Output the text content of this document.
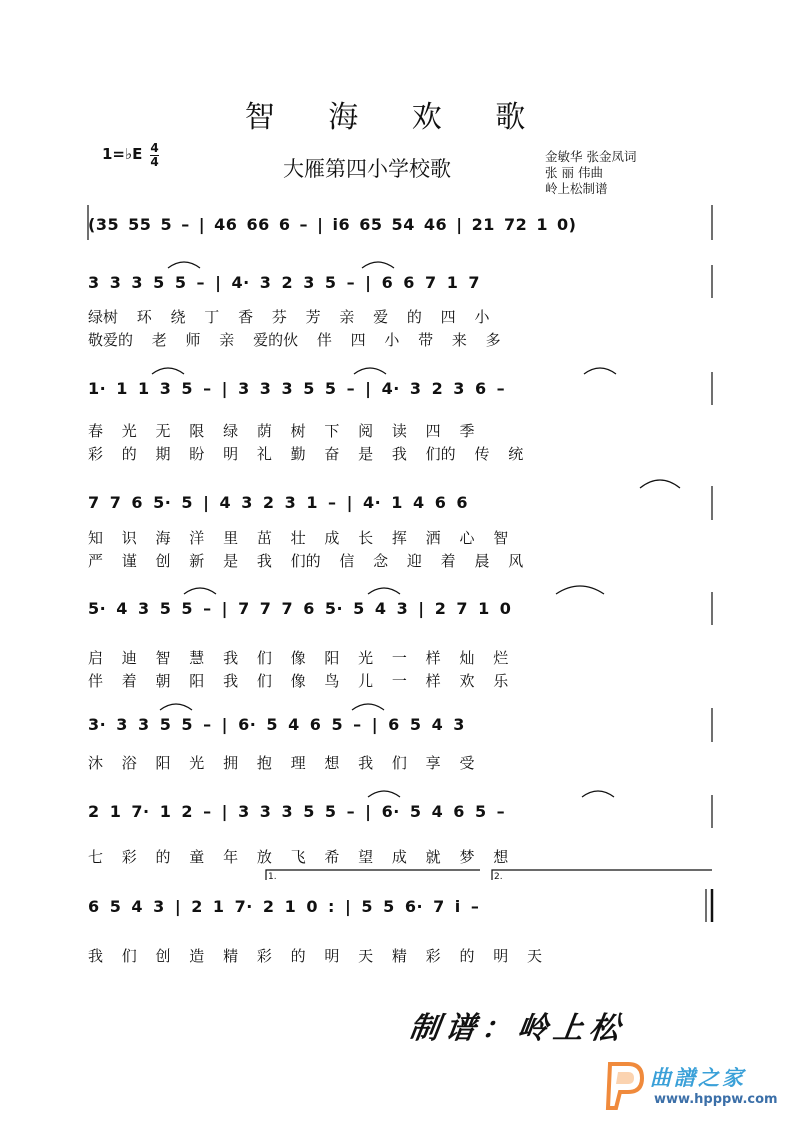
智 海 欢 歌
1=♭E 4
4	大雁第四小学校歌
金敏华 张金凤词
张 丽 伟曲
岭上松制谱
(35 55 5 – | 46 66 6 – | i6 65 54 46 | 21 72 1 0)
3 3 3 5 5 – | 4· 3 2 3 5 – | 6 6 7 1 7
绿树 环 绕 丁 香 芬 芳 亲 爱 的 四 小
敬爱的 老 师 亲 爱的伙 伴 四 小 带 来 多
1· 1 1 3 5 – | 3 3 3 5 5 – | 4· 3 2 3 6 –
春 光 无 限 绿 荫 树 下 阅 读 四 季
彩 的 期 盼 明 礼 勤 奋 是 我 们的 传 统
7 7 6 5· 5 | 4 3 2 3 1 – | 4· 1 4 6 6
知 识 海 洋 里 茁 壮 成 长 挥 洒 心 智
严 谨 创 新 是 我 们的 信 念 迎 着 晨 风
5· 4 3 5 5 – | 7 7 7 6 5· 5 4 3 | 2 7 1 0
启 迪 智 慧 我 们 像 阳 光 一 样 灿 烂
伴 着 朝 阳 我 们 像 鸟 儿 一 样 欢 乐
3· 3 3 5 5 – | 6· 5 4 6 5 – | 6 5 4 3
沐 浴 阳 光 拥 抱 理 想 我 们 享 受
2 1 7· 1 2 – | 3 3 3 5 5 – | 6· 5 4 6 5 –
七 彩 的 童 年 放 飞 希 望 成 就 梦 想
6 5 4 3 | 2 1 7· 2 1 0 : | 5 5 6· 7 i –
我 们 创 造 精 彩 的 明 天 精 彩 的 明 天
1.	2.
制谱：岭上松
曲譜之家
www.hpppw.com
